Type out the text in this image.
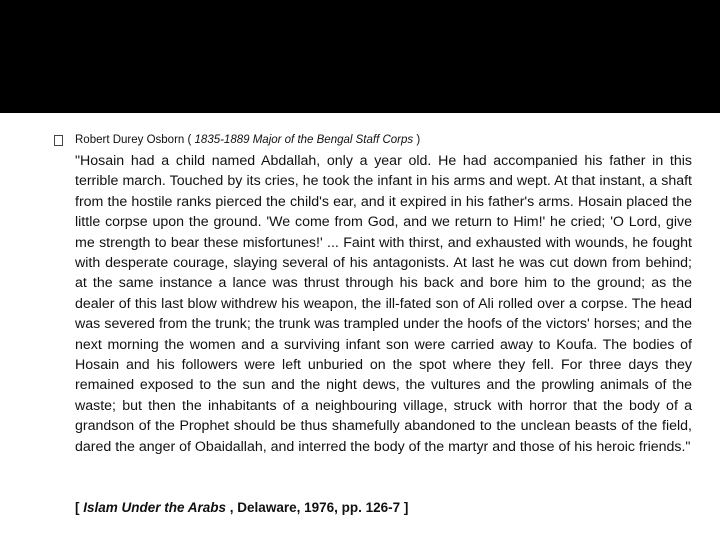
Robert Durey Osborn ( 1835-1889 Major of the Bengal Staff Corps )

"Hosain had a child named Abdallah, only a year old. He had accompanied his father in this terrible march. Touched by its cries, he took the infant in his arms and wept. At that instant, a shaft from the hostile ranks pierced the child's ear, and it expired in his father's arms. Hosain placed the little corpse upon the ground. 'We come from God, and we return to Him!' he cried; 'O Lord, give me strength to bear these misfortunes!' ... Faint with thirst, and exhausted with wounds, he fought with desperate courage, slaying several of his antagonists. At last he was cut down from behind; at the same instance a lance was thrust through his back and bore him to the ground; as the dealer of this last blow withdrew his weapon, the ill-fated son of Ali rolled over a corpse. The head was severed from the trunk; the trunk was trampled under the hoofs of the victors' horses; and the next morning the women and a surviving infant son were carried away to Koufa. The bodies of Hosain and his followers were left unburied on the spot where they fell. For three days they remained exposed to the sun and the night dews, the vultures and the prowling animals of the waste; but then the inhabitants of a neighbouring village, struck with horror that the body of a grandson of the Prophet should be thus shamefully abandoned to the unclean beasts of the field, dared the anger of Obaidallah, and interred the body of the martyr and those of his heroic friends."

[ Islam Under the Arabs , Delaware, 1976, pp. 126-7 ]
